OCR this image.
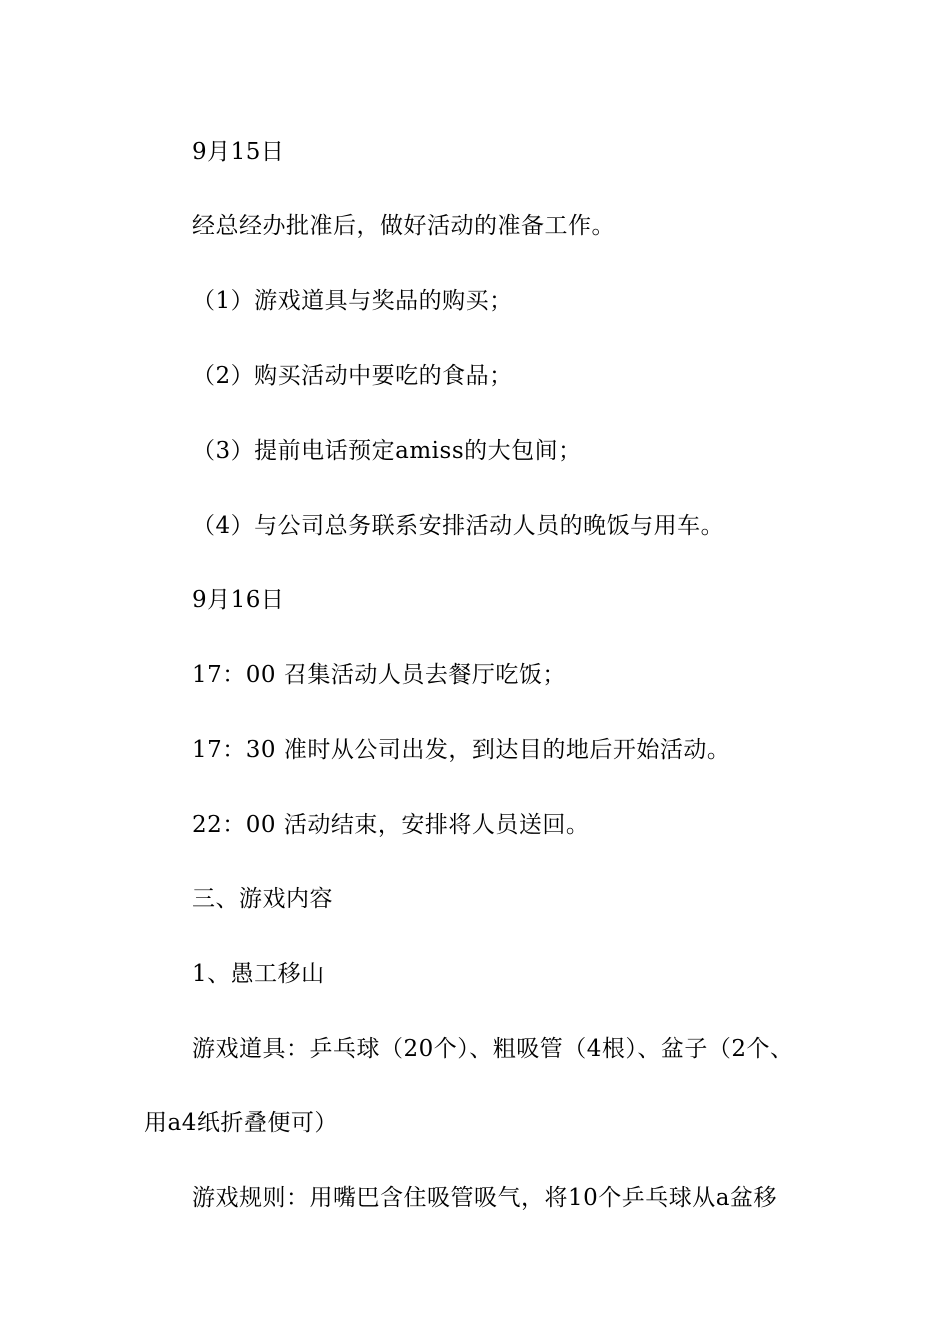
9月15日
经总经办批准后，做好活动的准备工作。
（1）游戏道具与奖品的购买；
（2）购买活动中要吃的食品；
（3）提前电话预定amiss的大包间；
（4）与公司总务联系安排活动人员的晚饭与用车。
9月16日
17：00 召集活动人员去餐厅吃饭；
17：30 准时从公司出发，到达目的地后开始活动。
22：00 活动结束，安排将人员送回。
三、游戏内容
1、愚工移山
游戏道具：乒乓球（20个）、粗吸管（4根）、盆子（2个、
用a4纸折叠便可）
游戏规则：用嘴巴含住吸管吸气，将10个乒乓球从a盆移
